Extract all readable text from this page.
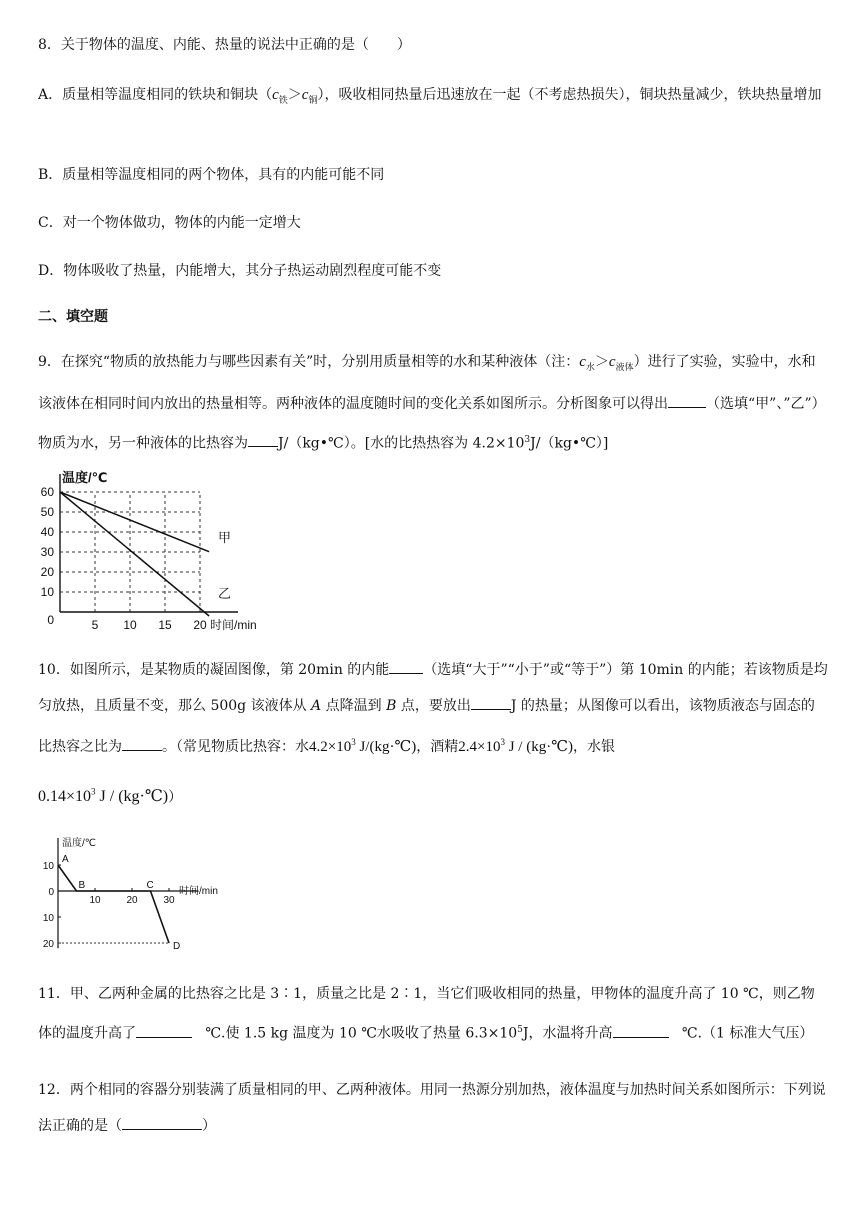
8．关于物体的温度、内能、热量的说法中正确的是（　　）
A．质量相等温度相同的铁块和铜块$(c_铁>c_铜)$，吸收相同热量后迅速放在一起（不考虑热损失），铜块热量减少，铁块热量增加
B．质量相等温度相同的两个物体，具有的内能可能不同
C．对一个物体做功，物体的内能一定增大
D．物体吸收了热量，内能增大，其分子热运动剧烈程度可能不变
二、填空题
9．在探究“物质的放热能力与哪些因素有关”时，分别用质量相等的水和某种液体（注：$c_水>c_{液体}$）进行了实验，实验中，水和该液体在相同时间内放出的热量相等。两种液体的温度随时间的变化关系如图所示。分析图象可以得出	（选填“甲”、”乙”）物质为水，另一种液体的比热容为 J/（kg•℃）。[水的比热热容为 $4.2\times 10^3J/(kg•℃)$]
0
10
20
30
40
50
60
5 10 15 20 时间/min
温度/℃
甲
乙
10．如图所示，是某物质的凝固图像，第 20min 的内能 （选填“大于”“小于”或“等于”）第 10min 的内能；若该物质是均匀放热，且质量不变，那么 500g 该液体从 A 点降温到 B 点，要放出	J 的热量；从图像可以看出，该物质液态与固态的比热容之比为	。（常见物质比热容：水$4.2\times 10^3$ J/(kg·℃)，酒精$2.4\times 10^3$ J / (kg·℃)，水银
$0.14\times 10^3$ J / (kg·℃)）
温度/℃
时间/min
10
0
10
20
10	20	30
A
B	C
D
11．甲、乙两种金属的比热容之比是 3∶1，质量之比是 2∶1，当它们吸收相同的热量，甲物体的温度升高了 10 ℃，则乙物体的温度升高了	℃.使 1.5 kg 温度为 10 ℃水吸收了热量 $6.3\times 10^5J$，水温将升高	℃.（1 标准大气压）
12．两个相同的容器分别装满了质量相同的甲、乙两种液体。用同一热源分别加热，液体温度与加热时间关系如图所示：下列说法正确的是（	）
